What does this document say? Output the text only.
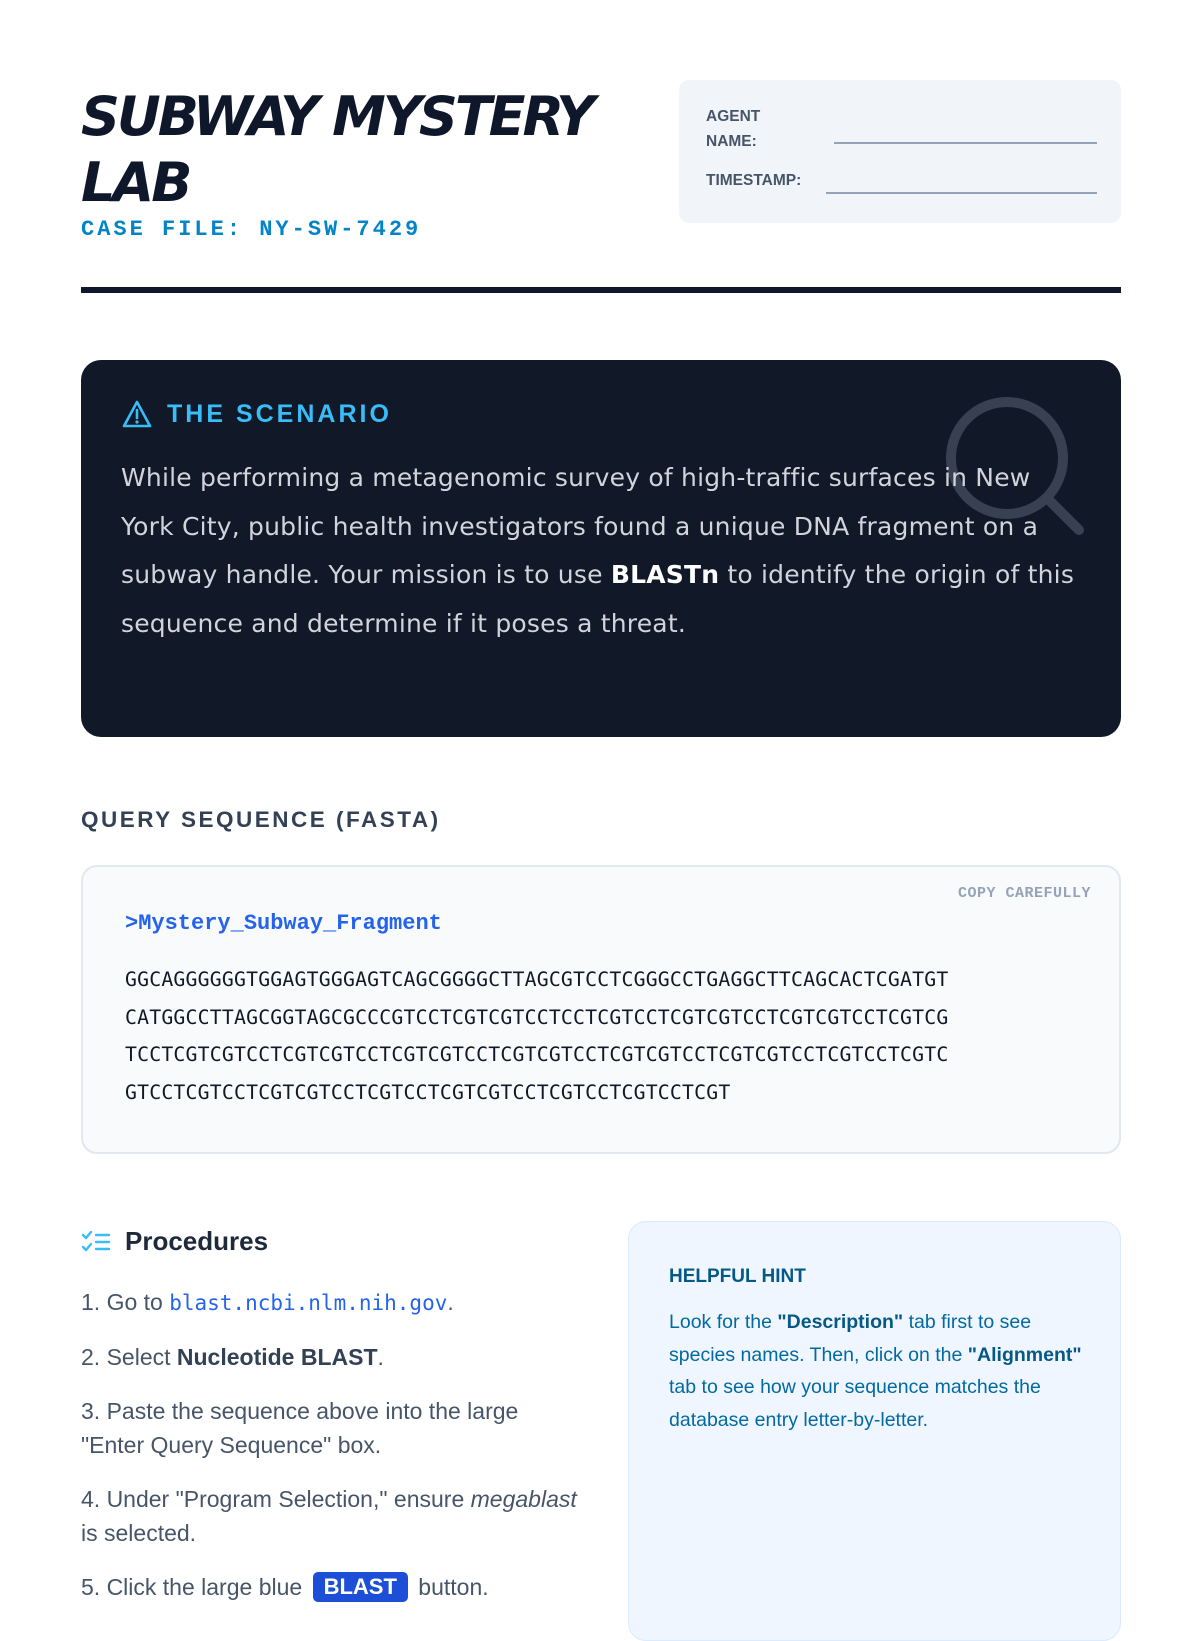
SUBWAY MYSTERY LAB
CASE FILE: NY-SW-7429
AGENT NAME:
TIMESTAMP:
THE SCENARIO

While performing a metagenomic survey of high-traffic surfaces in New York City, public health investigators found a unique DNA fragment on a subway handle. Your mission is to use BLASTn to identify the origin of this sequence and determine if it poses a threat.

QUERY SEQUENCE (FASTA)
COPY CAREFULLY
>Mystery_Subway_Fragment
GGCAGGGGGGTGGAGTGGGAGTCAGCGGGGCTTAGCGTCCTCGGGCCTGAGGCTTCAGCACTCGATGT
CATGGCCTTAGCGGTAGCGCCCGTCCTCGTCGTCCTCCTCGTCCTCGTCGTCCTCGTCGTCCTCGTCG
TCCTCGTCGTCCTCGTCGTCCTCGTCGTCCTCGTCGTCCTCGTCGTCCTCGTCGTCCTCGTCCTCGTC
GTCCTCGTCCTCGTCGTCCTCGTCCTCGTCGTCCTCGTCCTCGTCCTCGT
Procedures
1. Go to blast.ncbi.nlm.nih.gov.
2. Select Nucleotide BLAST.
3. Paste the sequence above into the large "Enter Query Sequence" box.
4. Under "Program Selection," ensure megablast is selected.
5. Click the large blue BLAST button.
HELPFUL HINT

Look for the "Description" tab first to see species names. Then, click on the "Alignment" tab to see how your sequence matches the database entry letter-by-letter.
